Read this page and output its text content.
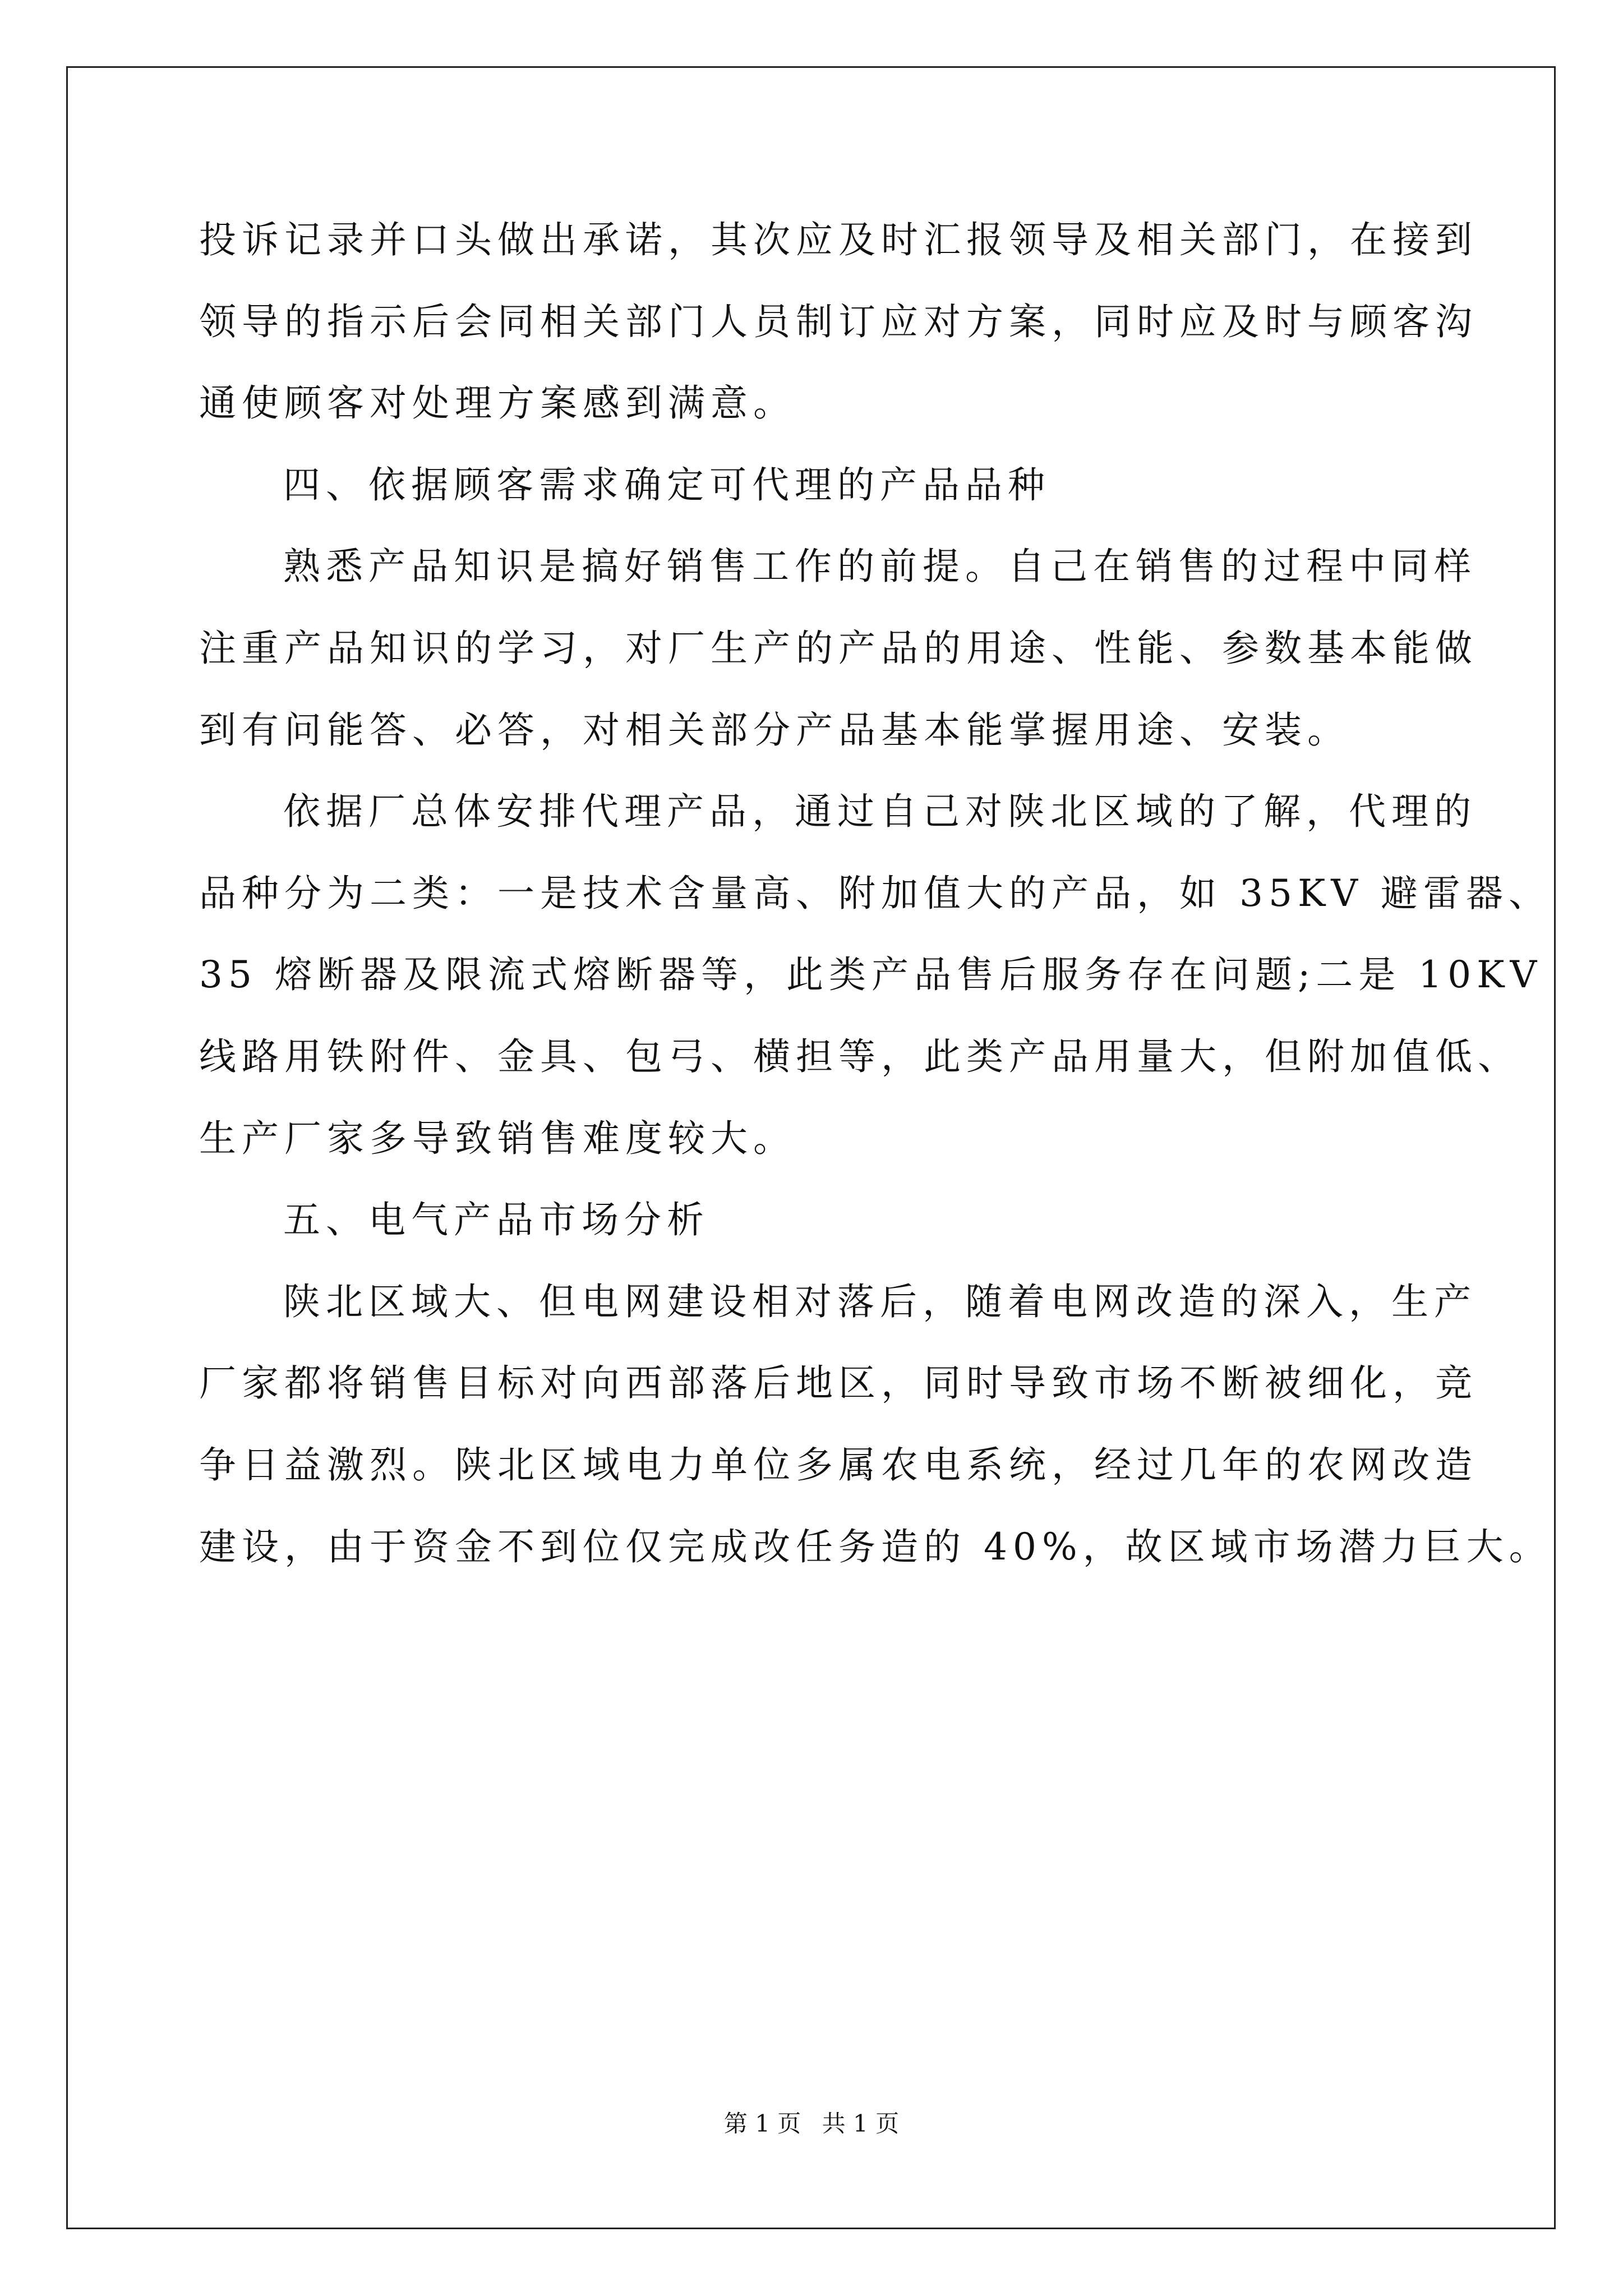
投诉记录并口头做出承诺，其次应及时汇报领导及相关部门，在接到

领导的指示后会同相关部门人员制订应对方案，同时应及时与顾客沟

通使顾客对处理方案感到满意。

四、依据顾客需求确定可代理的产品品种

熟悉产品知识是搞好销售工作的前提。自己在销售的过程中同样

注重产品知识的学习，对厂生产的产品的用途、性能、参数基本能做

到有问能答、必答，对相关部分产品基本能掌握用途、安装。

依据厂总体安排代理产品，通过自己对陕北区域的了解，代理的

品种分为二类：一是技术含量高、附加值大的产品，如 35KV 避雷器、

35 熔断器及限流式熔断器等，此类产品售后服务存在问题;二是 10KV

线路用铁附件、金具、包弓、横担等，此类产品用量大，但附加值低、

生产厂家多导致销售难度较大。

五、电气产品市场分析

陕北区域大、但电网建设相对落后，随着电网改造的深入，生产

厂家都将销售目标对向西部落后地区，同时导致市场不断被细化，竞

争日益激烈。陕北区域电力单位多属农电系统，经过几年的农网改造

建设，由于资金不到位仅完成改任务造的 40%，故区域市场潜力巨大。

第 1 页 共 1 页
